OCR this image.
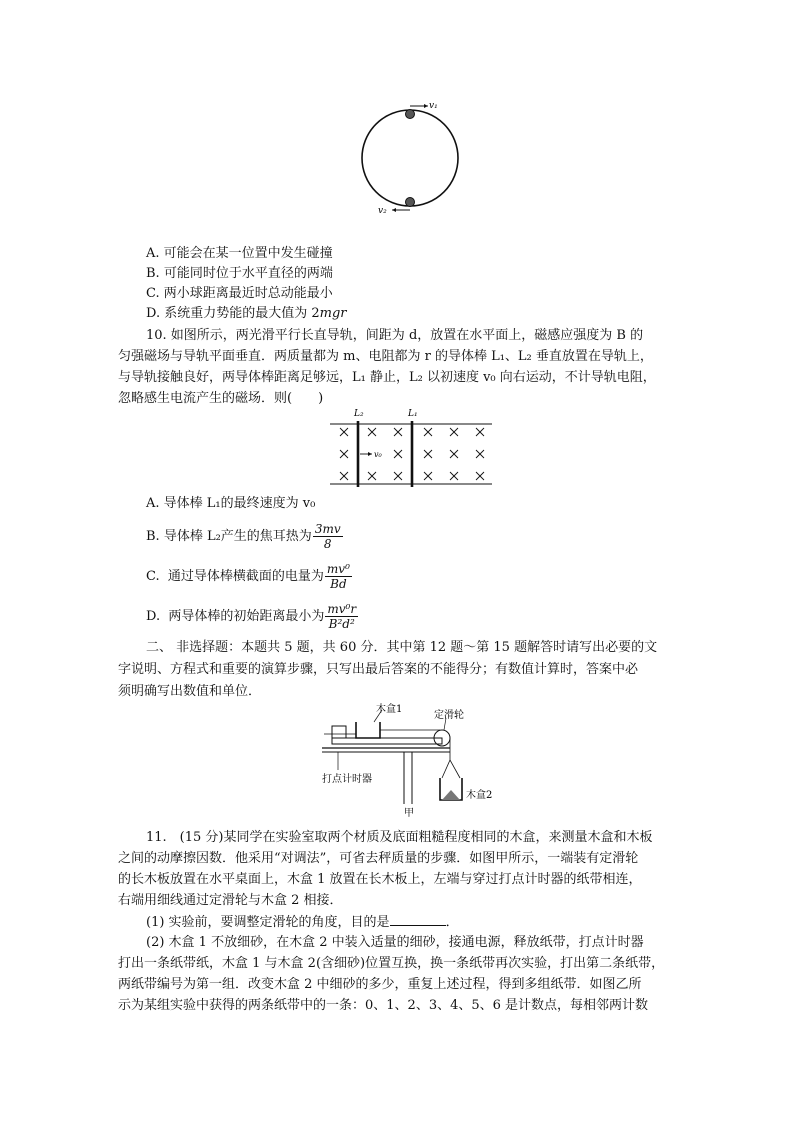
v₁
v₂
A. 可能会在某一位置中发生碰撞
B. 可能同时位于水平直径的两端
C. 两小球距离最近时总动能最小
D. 系统重力势能的最大值为 2mgr
10. 如图所示，两光滑平行长直导轨，间距为 d，放置在水平面上，磁感应强度为 B 的
匀强磁场与导轨平面垂直．两质量都为 m、电阻都为 r 的导体棒 L₁、L₂ 垂直放置在导轨上，
与导轨接触良好，两导体棒距离足够远，L₁ 静止，L₂ 以初速度 v₀ 向右运动，不计导轨电阻，
忽略感生电流产生的磁场．则(　　)
L₂	L₁
v₀
A. 导体棒 L₁的最终速度为 v₀
B. 导体棒 L₂产生的焦耳热为 $\frac{3mv}{8}$
C. 通过导体棒横截面的电量为 $\frac{\text{mv⁰}}{Bd}$
D. 两导体棒的初始距离最小为 $\frac{\text{mv⁰r}}{\text{B²d²}}$
二、 非选择题：本题共 5 题，共 60 分．其中第 12 题～第 15 题解答时请写出必要的文
字说明、方程式和重要的演算步骤，只写出最后答案的不能得分；有数值计算时，答案中必
须明确写出数值和单位．
木盒1
定滑轮
打点计时器
木盒2
甲
11.　(15 分)某同学在实验室取两个材质及底面粗糙程度相同的木盒，来测量木盒和木板
之间的动摩擦因数．他采用“对调法”，可省去秤质量的步骤．如图甲所示，一端装有定滑轮
的长木板放置在水平桌面上，木盒 1 放置在长木板上，左端与穿过打点计时器的纸带相连，
右端用细线通过定滑轮与木盒 2 相接．
(1) 实验前，要调整定滑轮的角度，目的是	．
(2) 木盒 1 不放细砂，在木盒 2 中装入适量的细砂，接通电源，释放纸带，打点计时器
打出一条纸带纸，木盒 1 与木盒 2(含细砂)位置互换，换一条纸带再次实验，打出第二条纸带，
两纸带编号为第一组．改变木盒 2 中细砂的多少，重复上述过程，得到多组纸带．如图乙所
示为某组实验中获得的两条纸带中的一条：0、1、2、3、4、5、6 是计数点，每相邻两计数
